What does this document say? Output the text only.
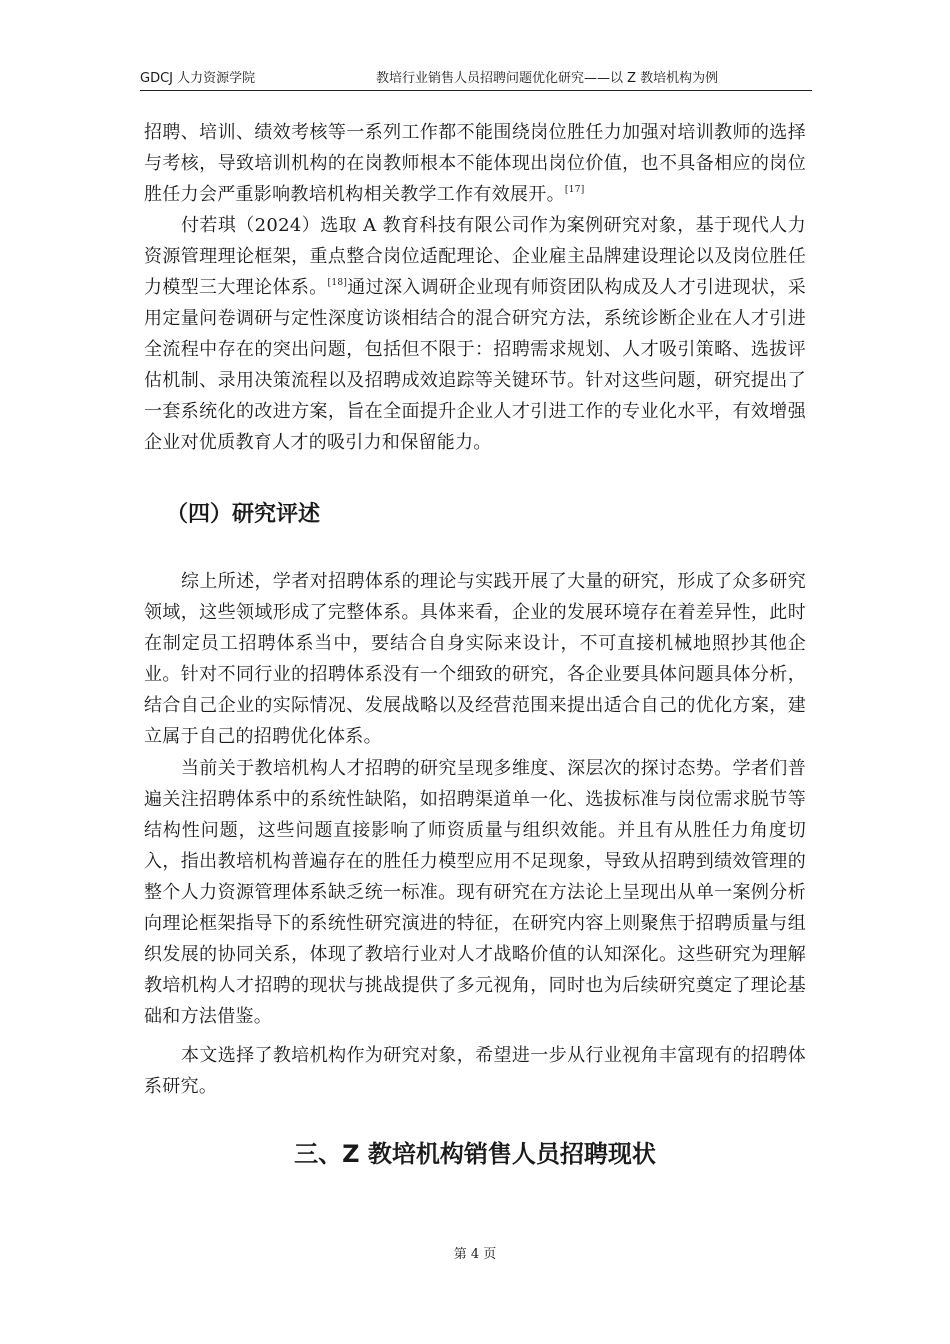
GDCJ 人力资源学院	教培行业销售人员招聘问题优化研究——以 Z 教培机构为例

招聘、培训、绩效考核等一系列工作都不能围绕岗位胜任力加强对培训教师的选择与考核，导致培训机构的在岗教师根本不能体现出岗位价值，也不具备相应的岗位胜任力会严重影响教培机构相关教学工作有效展开。[17]

付若琪（2024）选取 A 教育科技有限公司作为案例研究对象，基于现代人力资源管理理论框架，重点整合岗位适配理论、企业雇主品牌建设理论以及岗位胜任力模型三大理论体系。[18]通过深入调研企业现有师资团队构成及人才引进现状，采用定量问卷调研与定性深度访谈相结合的混合研究方法，系统诊断企业在人才引进全流程中存在的突出问题，包括但不限于：招聘需求规划、人才吸引策略、选拔评估机制、录用决策流程以及招聘成效追踪等关键环节。针对这些问题，研究提出了一套系统化的改进方案，旨在全面提升企业人才引进工作的专业化水平，有效增强企业对优质教育人才的吸引力和保留能力。

（四）研究评述

综上所述，学者对招聘体系的理论与实践开展了大量的研究，形成了众多研究领域，这些领域形成了完整体系。具体来看，企业的发展环境存在着差异性，此时在制定员工招聘体系当中，要结合自身实际来设计，不可直接机械地照抄其他企业。针对不同行业的招聘体系没有一个细致的研究，各企业要具体问题具体分析，结合自己企业的实际情况、发展战略以及经营范围来提出适合自己的优化方案，建立属于自己的招聘优化体系。

当前关于教培机构人才招聘的研究呈现多维度、深层次的探讨态势。学者们普遍关注招聘体系中的系统性缺陷，如招聘渠道单一化、选拔标准与岗位需求脱节等结构性问题，这些问题直接影响了师资质量与组织效能。并且有从胜任力角度切入，指出教培机构普遍存在的胜任力模型应用不足现象，导致从招聘到绩效管理的整个人力资源管理体系缺乏统一标准。现有研究在方法论上呈现出从单一案例分析向理论框架指导下的系统性研究演进的特征，在研究内容上则聚焦于招聘质量与组织发展的协同关系，体现了教培行业对人才战略价值的认知深化。这些研究为理解教培机构人才招聘的现状与挑战提供了多元视角，同时也为后续研究奠定了理论基础和方法借鉴。

本文选择了教培机构作为研究对象，希望进一步从行业视角丰富现有的招聘体系研究。

三、Z 教培机构销售人员招聘现状
第 4 页
